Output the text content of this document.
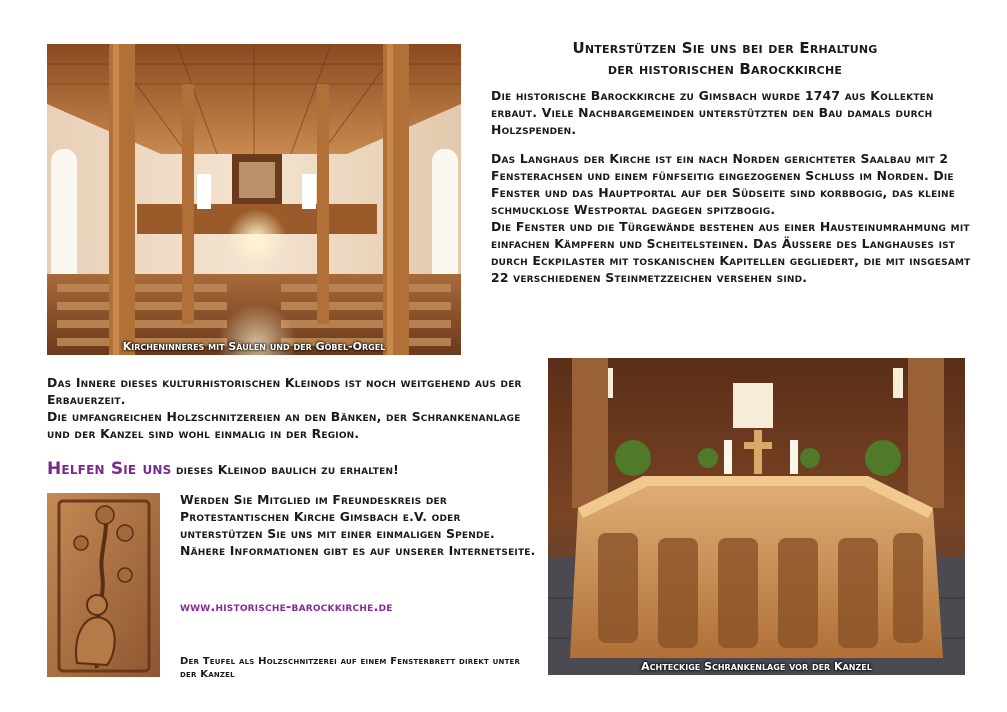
Unterstützen Sie uns bei der Erhaltung
der historischen Barockkirche

Die historische Barockkirche zu Gimsbach wurde 1747 aus Kollekten erbaut. Viele Nachbargemeinden unterstützten den Bau damals durch Holzspenden.

Das Langhaus der Kirche ist ein nach Norden gerichteter Saalbau mit 2 Fensterachsen und einem fünfseitig eingezogenen Schluss im Norden. Die Fenster und das Hauptportal auf der Südseite sind korbbogig, das kleine schmucklose Westportal dagegen spitzbogig.

Die Fenster und die Türgewände bestehen aus einer Hausteinumrahmung mit einfachen Kämpfern und Scheitelsteinen. Das Äussere des Langhauses ist durch Eckpilaster mit toskanischen Kapitellen gegliedert, die mit insgesamt 22 verschiedenen Steinmetzzeichen versehen sind.

Kircheninneres mit Säulen und der Göbel-Orgel

Das Innere dieses kulturhistorischen Kleinods ist noch weitgehend aus der Erbauerzeit.

Die umfangreichen Holzschnitzereien an den Bänken, der Schrankenanlage und der Kanzel sind wohl einmalig in der Region.

Helfen Sie uns dieses Kleinod baulich zu erhalten!

Werden Sie Mitglied im Freundeskreis der Protestantischen Kirche Gimsbach e.V. oder unterstützen Sie uns mit einer einmaligen Spende.

Nähere Informationen gibt es auf unserer Internetseite.

www.historische-barockkirche.de

Der Teufel als Holzschnitzerei auf einem Fensterbrett direkt unter der Kanzel

Achteckige Schrankenlage vor der Kanzel
